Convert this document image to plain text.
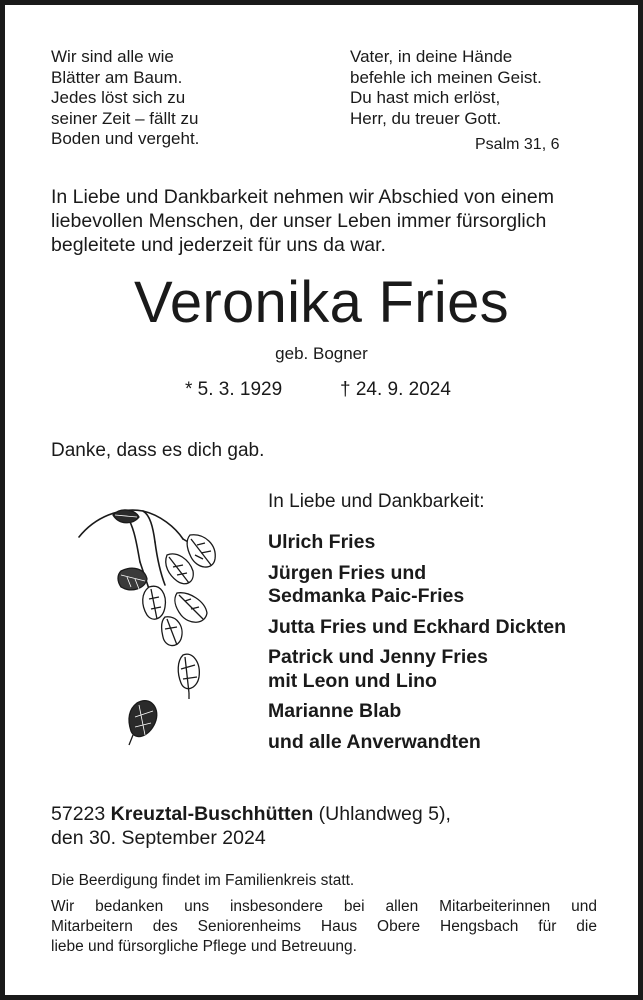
Wir sind alle wie
Blätter am Baum.
Jedes löst sich zu
seiner Zeit – fällt zu
Boden und vergeht.
Vater, in deine Hände
befehle ich meinen Geist.
Du hast mich erlöst,
Herr, du treuer Gott.
Psalm 31, 6
In Liebe und Dankbarkeit nehmen wir Abschied von einem
liebevollen Menschen, der unser Leben immer fürsorglich
begleitete und jederzeit für uns da war.
Veronika Fries
geb. Bogner
* 5. 3. 1929	† 24. 9. 2024
Danke, dass es dich gab.
In Liebe und Dankbarkeit:
Ulrich Fries
Jürgen Fries und
Sedmanka Paic-Fries
Jutta Fries und Eckhard Dickten
Patrick und Jenny Fries
mit Leon und Lino
Marianne Blab
und alle Anverwandten
57223 Kreuztal-Buschhütten (Uhlandweg 5),
den 30. September 2024
Die Beerdigung findet im Familienkreis statt.
Wir bedanken uns insbesondere bei allen Mitarbeiterinnen und
Mitarbeitern des Seniorenheims Haus Obere Hengsbach für die
liebe und fürsorgliche Pflege und Betreuung.
